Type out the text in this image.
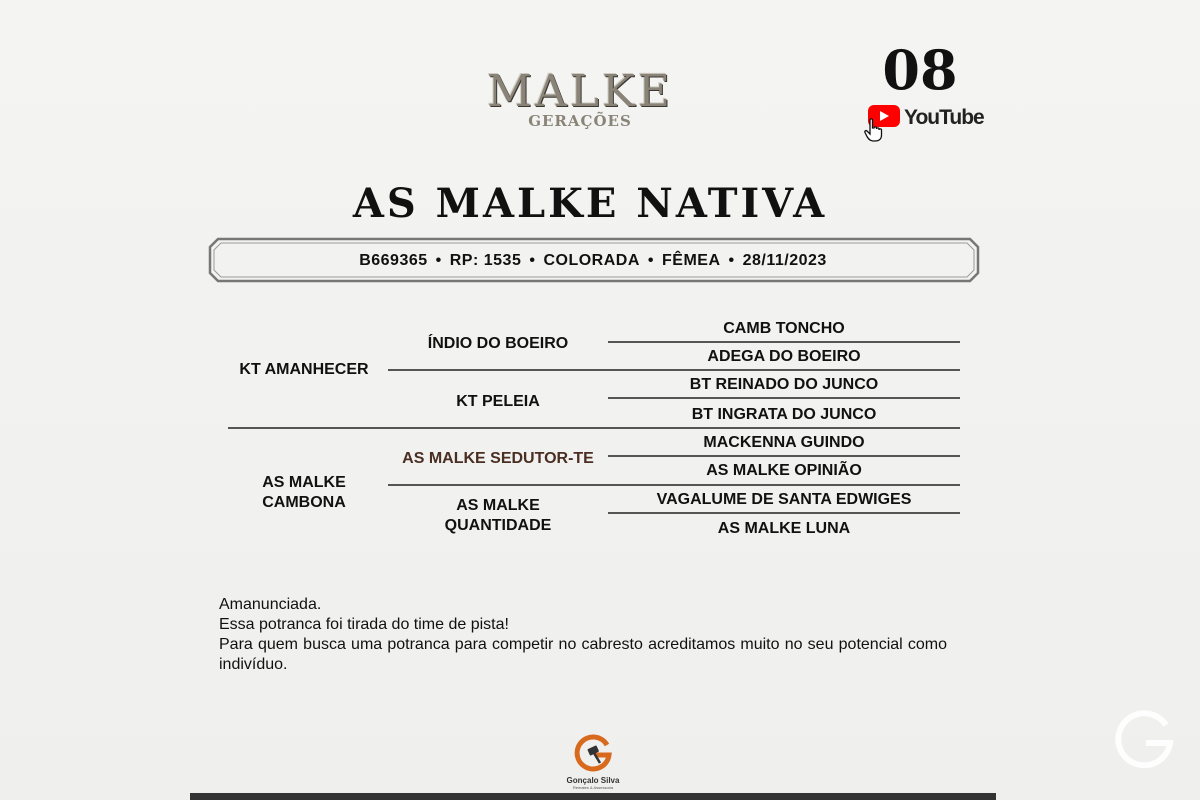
MALKE
GERAÇÕES
08
YouTube
AS MALKE NATIVA
B669365 • RP: 1535 • COLORADA • FÊMEA • 28/11/2023
KT AMANHECER
AS MALKE
CAMBONA
ÍNDIO DO BOEIRO
KT PELEIA
AS MALKE SEDUTOR-TE
AS MALKE
QUANTIDADE
CAMB TONCHO
ADEGA DO BOEIRO
BT REINADO DO JUNCO
BT INGRATA DO JUNCO
MACKENNA GUINDO
AS MALKE OPINIÃO
VAGALUME DE SANTA EDWIGES
AS MALKE LUNA
Amanunciada.
Essa potranca foi tirada do time de pista!
Para quem busca uma potranca para competir no cabresto acreditamos muito no seu potencial como indivíduo.
Gonçalo Silva
Remates & Assessoria
